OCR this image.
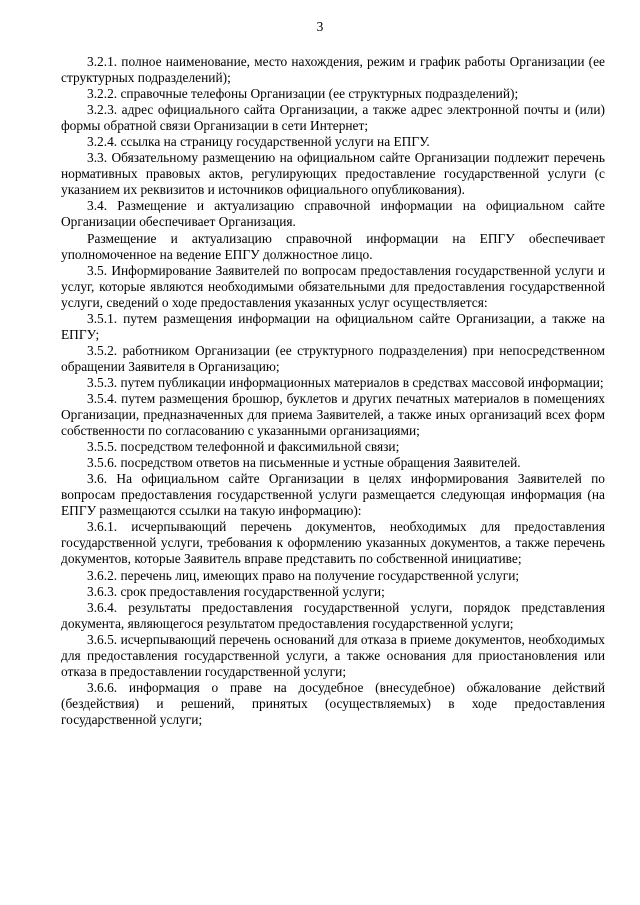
3

3.2.1. полное наименование, место нахождения, режим и график работы Организации (ее структурных подразделений);

3.2.2. справочные телефоны Организации (ее структурных подразделений);

3.2.3. адрес официального сайта Организации, а также адрес электронной почты и (или) формы обратной связи Организации в сети Интернет;

3.2.4. ссылка на страницу государственной услуги на ЕПГУ.

3.3. Обязательному размещению на официальном сайте Организации подлежит перечень нормативных правовых актов, регулирующих предоставление государственной услуги (с указанием их реквизитов и источников официального опубликования).

3.4. Размещение и актуализацию справочной информации на официальном сайте Организации обеспечивает Организация.

Размещение и актуализацию справочной информации на ЕПГУ обеспечивает уполномоченное на ведение ЕПГУ должностное лицо.

3.5. Информирование Заявителей по вопросам предоставления государственной услуги и услуг, которые являются необходимыми обязательными для предоставления государственной услуги, сведений о ходе предоставления указанных услуг осуществляется:

3.5.1. путем размещения информации на официальном сайте Организации, а также на ЕПГУ;

3.5.2. работником Организации (ее структурного подразделения) при непосредственном обращении Заявителя в Организацию;

3.5.3. путем публикации информационных материалов в средствах массовой информации;

3.5.4. путем размещения брошюр, буклетов и других печатных материалов в помещениях Организации, предназначенных для приема Заявителей, а также иных организаций всех форм собственности по согласованию с указанными организациями;

3.5.5. посредством телефонной и факсимильной связи;

3.5.6. посредством ответов на письменные и устные обращения Заявителей.

3.6. На официальном сайте Организации в целях информирования Заявителей по вопросам предоставления государственной услуги размещается следующая информация (на ЕПГУ размещаются ссылки на такую информацию):

3.6.1. исчерпывающий перечень документов, необходимых для предоставления государственной услуги, требования к оформлению указанных документов, а также перечень документов, которые Заявитель вправе представить по собственной инициативе;

3.6.2. перечень лиц, имеющих право на получение государственной услуги;

3.6.3. срок предоставления государственной услуги;

3.6.4. результаты предоставления государственной услуги, порядок представления документа, являющегося результатом предоставления государственной услуги;

3.6.5. исчерпывающий перечень оснований для отказа в приеме документов, необходимых для предоставления государственной услуги, а также основания для приостановления или отказа в предоставлении государственной услуги;

3.6.6. информация о праве на досудебное (внесудебное) обжалование действий (бездействия) и решений, принятых (осуществляемых) в ходе предоставления государственной услуги;
